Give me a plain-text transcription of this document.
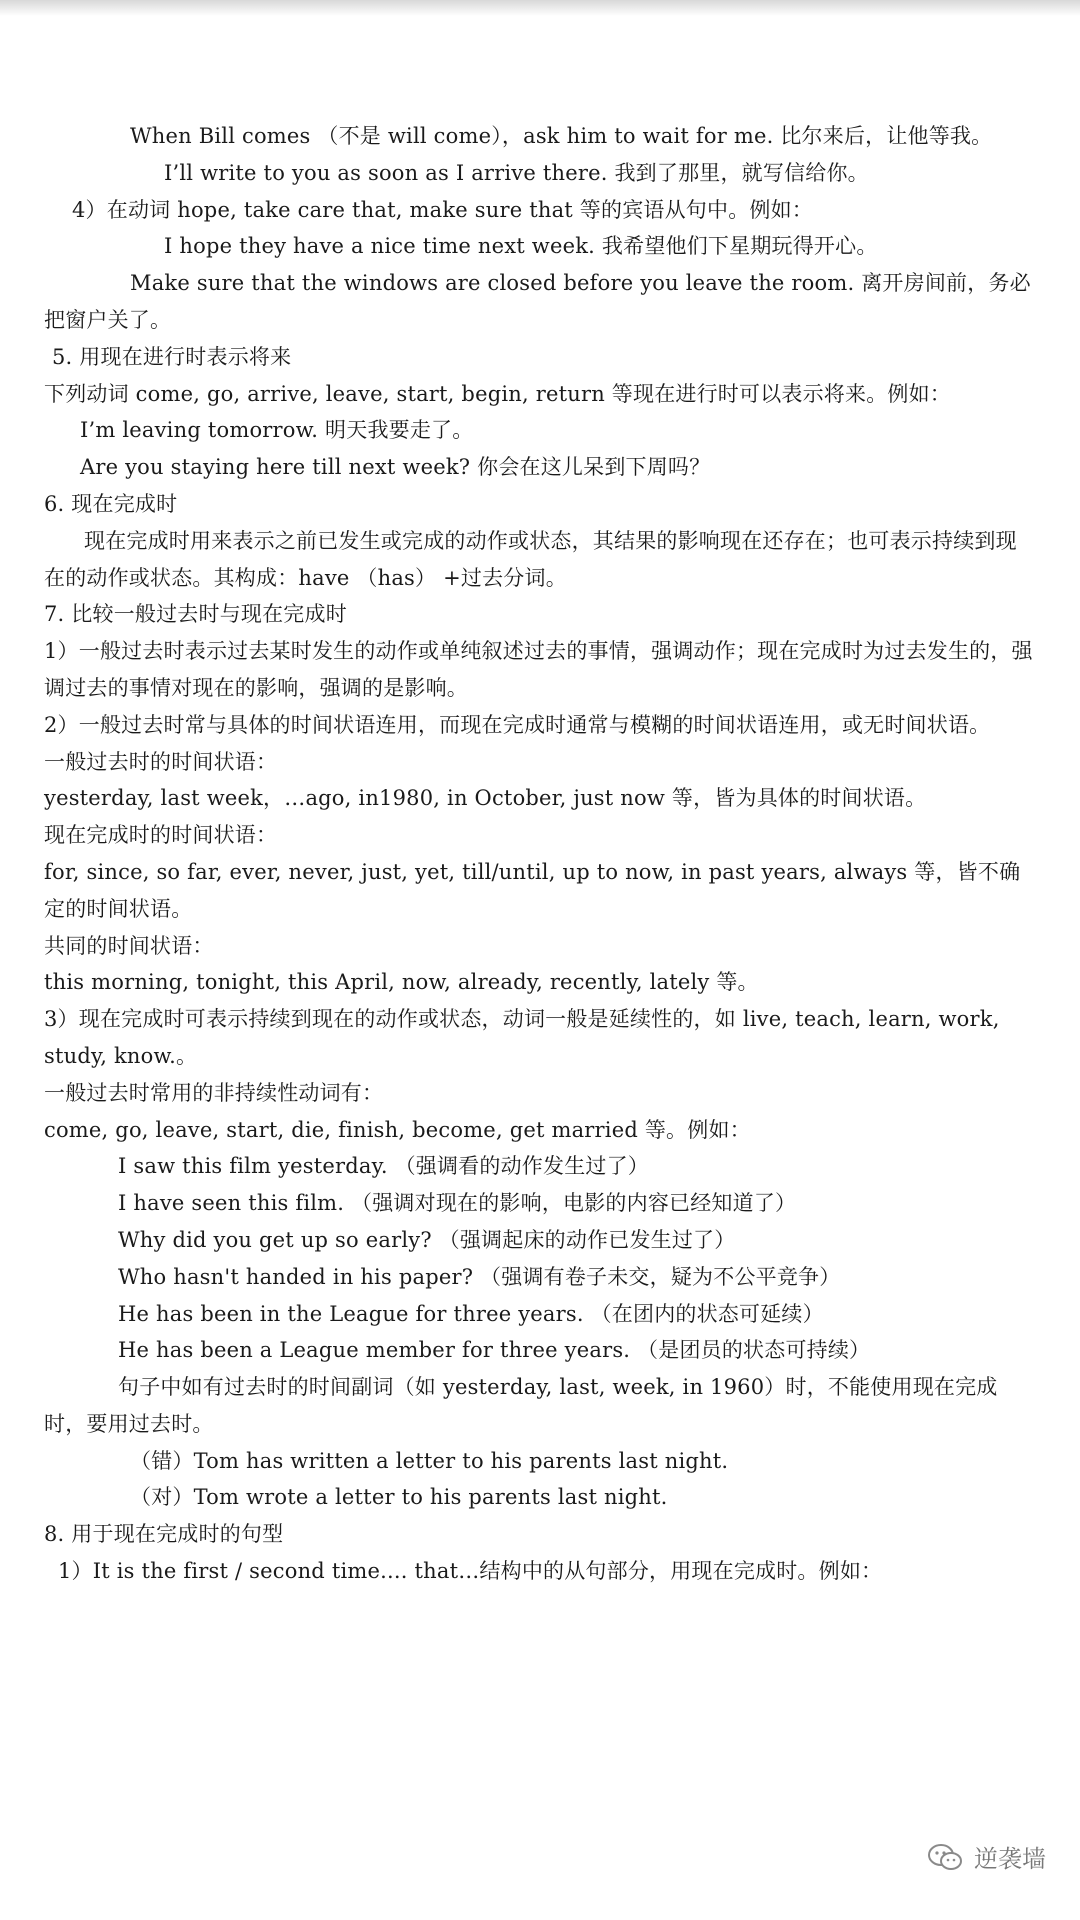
When Bill comes （不是 will come），ask him to wait for me. 比尔来后，让他等我。

I’ll write to you as soon as I arrive there. 我到了那里，就写信给你。

4）在动词 hope, take care that, make sure that 等的宾语从句中。例如：

I hope they have a nice time next week. 我希望他们下星期玩得开心。

Make sure that the windows are closed before you leave the room. 离开房间前，务必把窗户关了。

5. 用现在进行时表示将来

下列动词 come, go, arrive, leave, start, begin, return 等现在进行时可以表示将来。例如：

I’m leaving tomorrow. 明天我要走了。

Are you staying here till next week? 你会在这儿呆到下周吗？

6. 现在完成时

现在完成时用来表示之前已发生或完成的动作或状态，其结果的影响现在还存在；也可表示持续到现在的动作或状态。其构成：have （has） +过去分词。

7. 比较一般过去时与现在完成时

1）一般过去时表示过去某时发生的动作或单纯叙述过去的事情，强调动作；现在完成时为过去发生的，强调过去的事情对现在的影响，强调的是影响。

2）一般过去时常与具体的时间状语连用，而现在完成时通常与模糊的时间状语连用，或无时间状语。

一般过去时的时间状语：

yesterday, last week，…ago, in1980, in October, just now 等，皆为具体的时间状语。

现在完成时的时间状语：

for, since, so far, ever, never, just, yet, till/until, up to now, in past years, always 等，皆不确定的时间状语。

共同的时间状语：

this morning, tonight, this April, now, already, recently, lately 等。

3）现在完成时可表示持续到现在的动作或状态，动词一般是延续性的，如 live, teach, learn, work, study, know.。

一般过去时常用的非持续性动词有：

come, go, leave, start, die, finish, become, get married 等。例如：

I saw this film yesterday. （强调看的动作发生过了）

I have seen this film. （强调对现在的影响，电影的内容已经知道了）

Why did you get up so early? （强调起床的动作已发生过了）

Who hasn't handed in his paper? （强调有卷子未交，疑为不公平竞争）

He has been in the League for three years. （在团内的状态可延续）

He has been a League member for three years. （是团员的状态可持续）

句子中如有过去时的时间副词（如 yesterday, last, week, in 1960）时，不能使用现在完成时，要用过去时。

（错）Tom has written a letter to his parents last night.

（对）Tom wrote a letter to his parents last night.

8. 用于现在完成时的句型

1）It is the first / second time.... that…结构中的从句部分，用现在完成时。例如：

逆袭墙
